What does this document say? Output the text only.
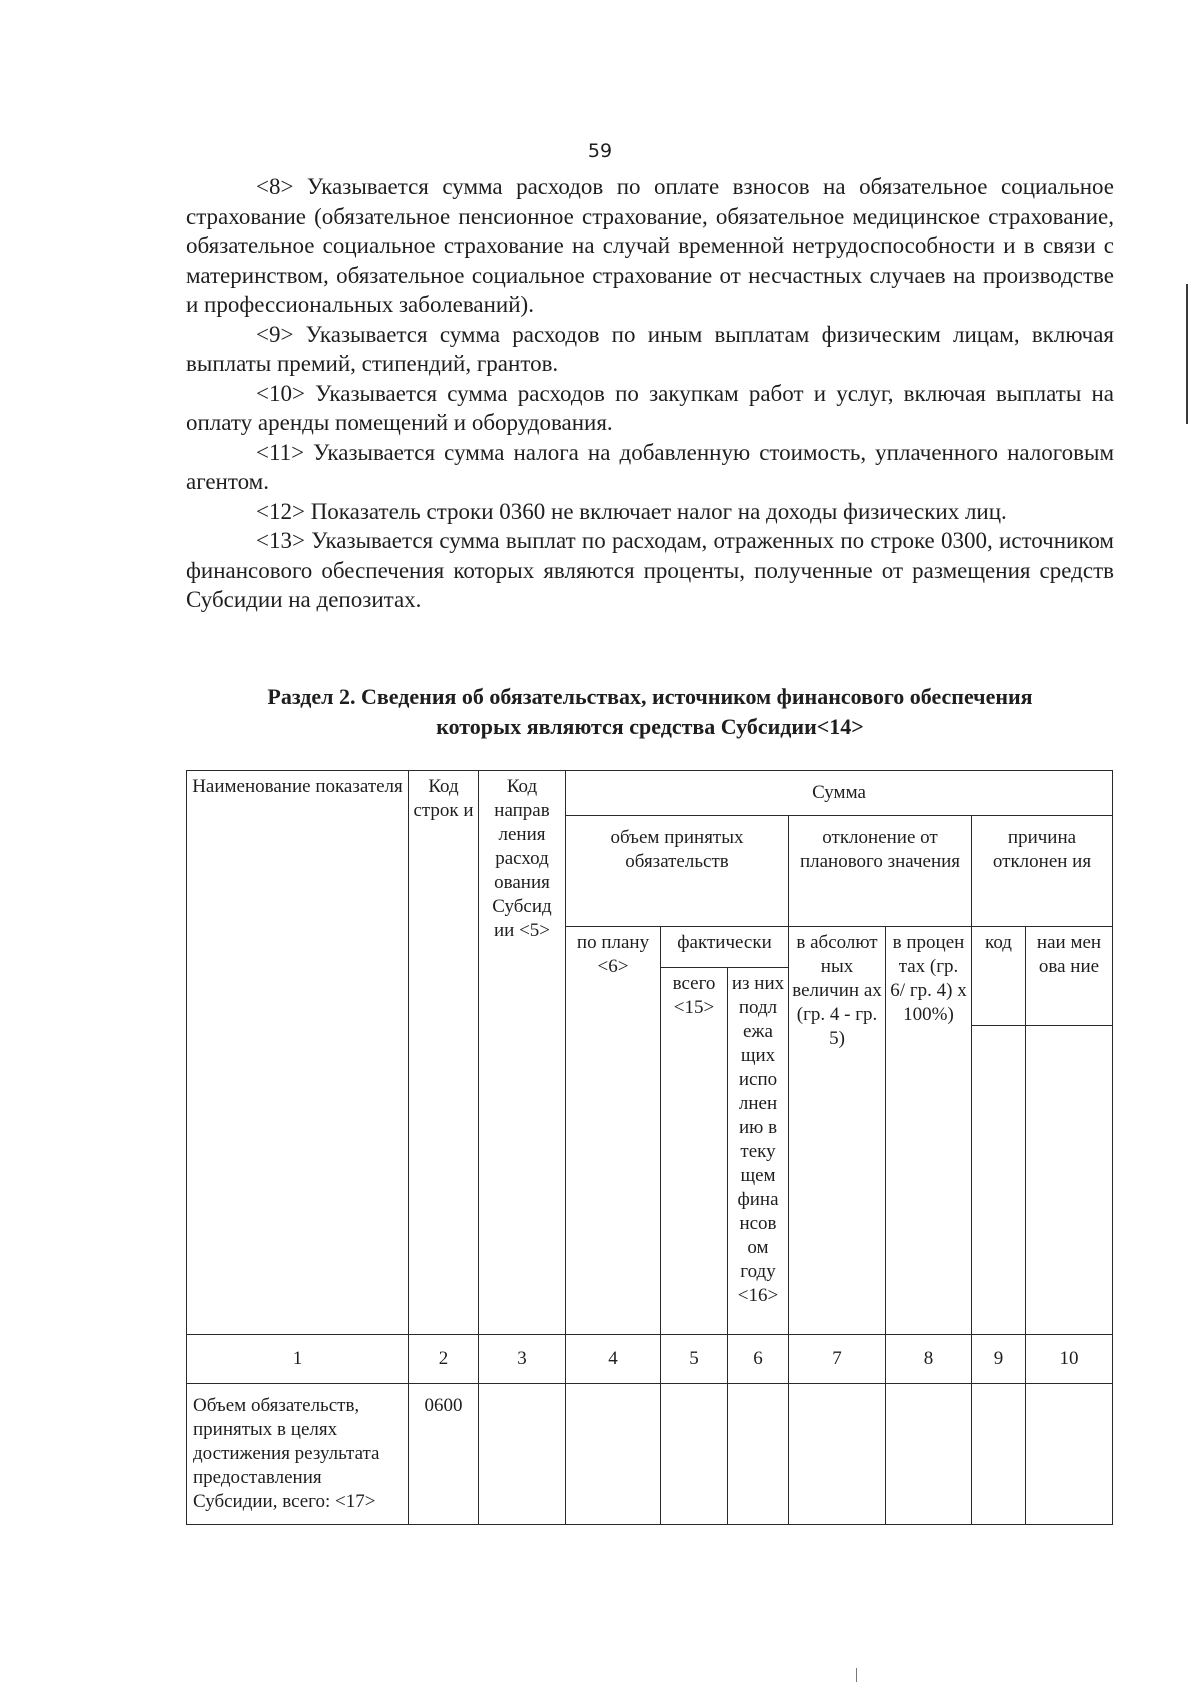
59

<8> Указывается сумма расходов по оплате взносов на обязательное социальное страхование (обязательное пенсионное страхование, обязательное медицинское страхование, обязательное социальное страхование на случай временной нетрудоспособности и в связи с материнством, обязательное социальное страхование от несчастных случаев на производстве и профессиональных заболеваний).

<9> Указывается сумма расходов по иным выплатам физическим лицам, включая выплаты премий, стипендий, грантов.

<10> Указывается сумма расходов по закупкам работ и услуг, включая выплаты на оплату аренды помещений и оборудования.

<11> Указывается сумма налога на добавленную стоимость, уплаченного налоговым агентом.

<12> Показатель строки 0360 не включает налог на доходы физических лиц.

<13> Указывается сумма выплат по расходам, отраженных по строке 0300, источником финансового обеспечения которых являются проценты, полученные от размещения средств Субсидии на депозитах.

Раздел 2. Сведения об обязательствах, источником финансового обеспечения
которых являются средства Субсидии<14>
Наименование показателя	Код строк и	Код направ ления расход ования Субсид ии <5>	Сумма						
			объем принятых обязательств			отклонение от планового значения		причина отклонен ия	
			по плану <6>	фактически		в абсолют ных величин ах (гр. 4 - гр. 5)	в процен тах (гр. 6/ гр. 4) x 100%)	код	наи мен ова ние
				всего <15>	из них подл ежа щих испо лнен ию в теку щем фина нсов ом году <16>				

1	2	3	4	5	6	7	8	9	10
Объем обязательств, принятых в целях достижения результата предоставления Субсидии, всего: <17>	0600								
